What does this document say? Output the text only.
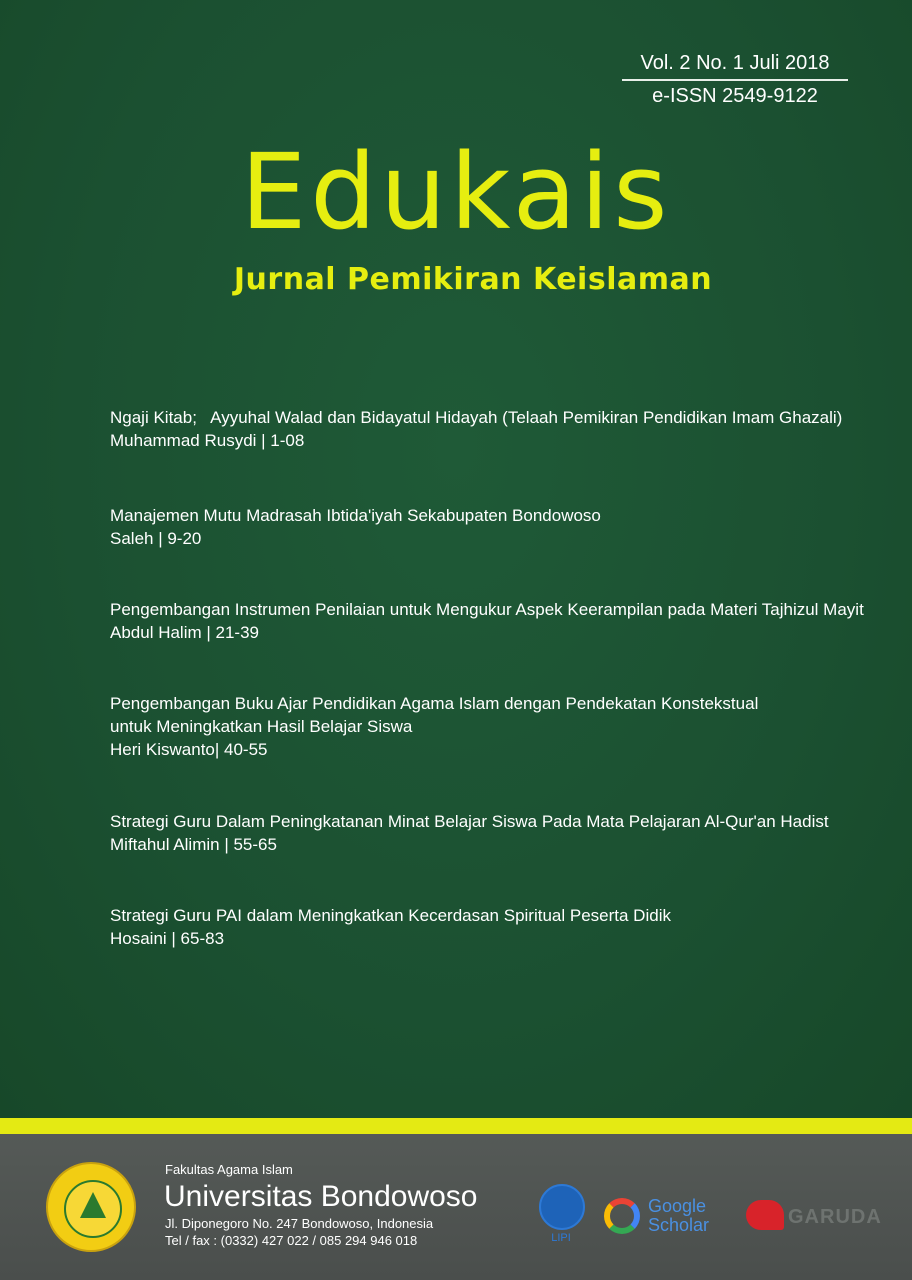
Vol. 2 No. 1 Juli 2018
e-ISSN 2549-9122
Edukais
Jurnal Pemikiran Keislaman
Ngaji Kitab;   Ayyuhal Walad dan Bidayatul Hidayah (Telaah Pemikiran Pendidikan Imam Ghazali)
Muhammad Rusydi | 1-08
Manajemen Mutu Madrasah Ibtida'iyah Sekabupaten Bondowoso
Saleh | 9-20
Pengembangan Instrumen Penilaian untuk Mengukur Aspek Keerampilan pada Materi Tajhizul Mayit
Abdul Halim | 21-39
Pengembangan Buku Ajar Pendidikan Agama Islam dengan Pendekatan Konstekstual
untuk Meningkatkan Hasil Belajar Siswa
Heri Kiswanto| 40-55
Strategi Guru Dalam Peningkatanan Minat Belajar Siswa Pada Mata Pelajaran Al-Qur'an Hadist
Miftahul Alimin | 55-65
Strategi Guru PAI dalam Meningkatkan Kecerdasan Spiritual Peserta Didik
Hosaini | 65-83
Fakultas Agama Islam
Universitas Bondowoso
Jl. Diponegoro No. 247 Bondowoso, Indonesia
Tel / fax : (0332) 427 022 / 085 294 946 018	LIPI
Google
Scholar	GARUDA
